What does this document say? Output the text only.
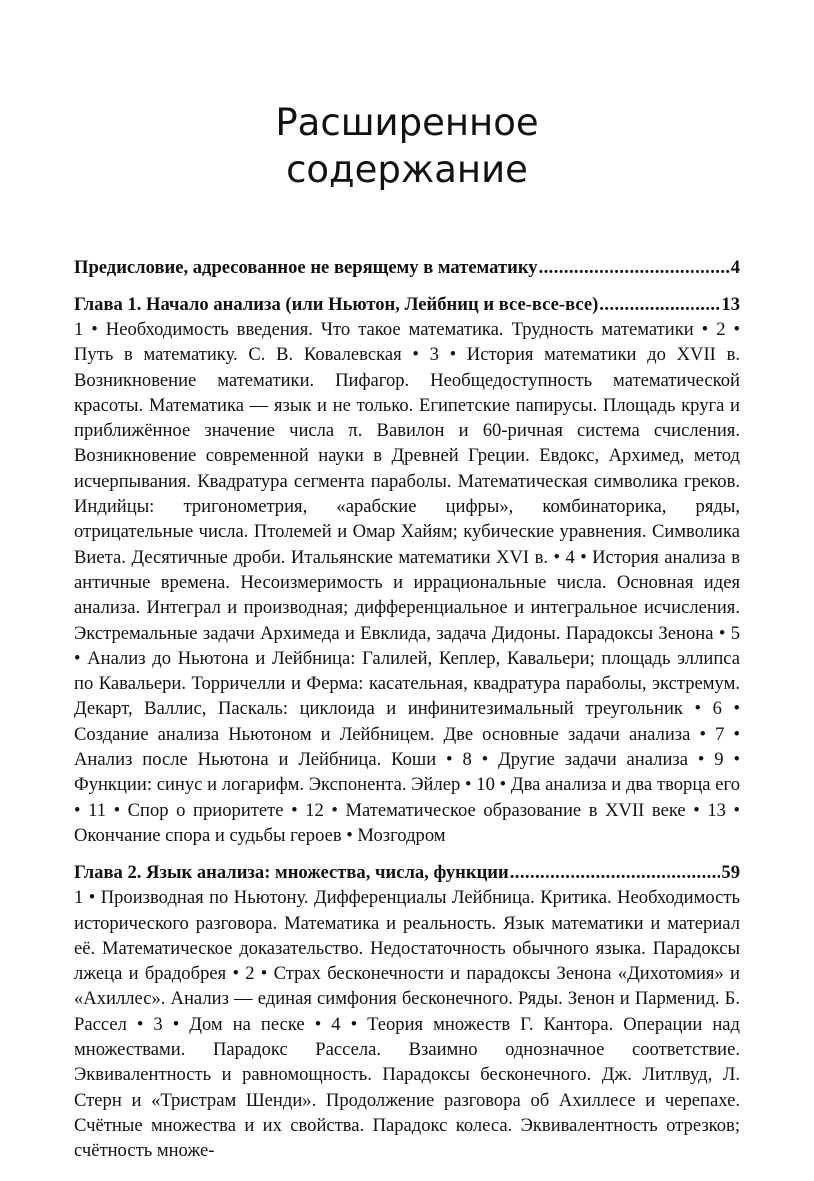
Расширенное
содержание
Предисловие, адресованное не верящему в математику .....	4
Глава 1. Начало анализа (или Ньютон, Лейбниц и все-все-все) .....	13
1 • Необходимость введения. Что такое математика. Трудность математики • 2 • Путь в математику. С. В. Ковалевская • 3 • История математики до XVII в. Возникновение математики. Пифагор. Необщедоступность математической красоты. Математика — язык и не только. Египетские папирусы. Площадь круга и приближённое значение числа π. Вавилон и 60-ричная система счисления. Возникновение современной науки в Древней Греции. Евдокс, Архимед, метод исчерпывания. Квадратура сегмента параболы. Математическая символика греков. Индийцы: тригонометрия, «арабские цифры», комбинаторика, ряды, отрицательные числа. Птолемей и Омар Хайям; кубические уравнения. Символика Виета. Десятичные дроби. Итальянские математики XVI в. • 4 • История анализа в античные времена. Несоизмеримость и иррациональные числа. Основная идея анализа. Интеграл и производная; дифференциальное и интегральное исчисления. Экстремальные задачи Архимеда и Евклида, задача Дидоны. Парадоксы Зенона • 5 • Анализ до Ньютона и Лейбница: Галилей, Кеплер, Кавальери; площадь эллипса по Кавальери. Торричелли и Ферма: касательная, квадратура параболы, экстремум. Декарт, Валлис, Паскаль: циклоида и инфинитезимальный треугольник • 6 • Создание анализа Ньютоном и Лейбницем. Две основные задачи анализа • 7 • Анализ после Ньютона и Лейбница. Коши • 8 • Другие задачи анализа • 9 • Функции: синус и логарифм. Экспонента. Эйлер • 10 • Два анализа и два творца его • 11 • Спор о приоритете • 12 • Математическое образование в XVII веке • 13 • Окончание спора и судьбы героев • Мозгодром
Глава 2. Язык анализа: множества, числа, функции .....	59
1 • Производная по Ньютону. Дифференциалы Лейбница. Критика. Необходимость исторического разговора. Математика и реальность. Язык математики и материал её. Математическое доказательство. Недостаточность обычного языка. Парадоксы лжеца и брадобрея • 2 • Страх бесконечности и парадоксы Зенона «Дихотомия» и «Ахиллес». Анализ — единая симфония бесконечного. Ряды. Зенон и Парменид. Б. Рассел • 3 • Дом на песке • 4 • Теория множеств Г. Кантора. Операции над множествами. Парадокс Рассела. Взаимно однозначное соответствие. Эквивалентность и равномощность. Парадоксы бесконечного. Дж. Литлвуд, Л. Стерн и «Тристрам Шенди». Продолжение разговора об Ахиллесе и черепахе. Счётные множества и их свойства. Парадокс колеса. Эквивалентность отрезков; счётность множе-
